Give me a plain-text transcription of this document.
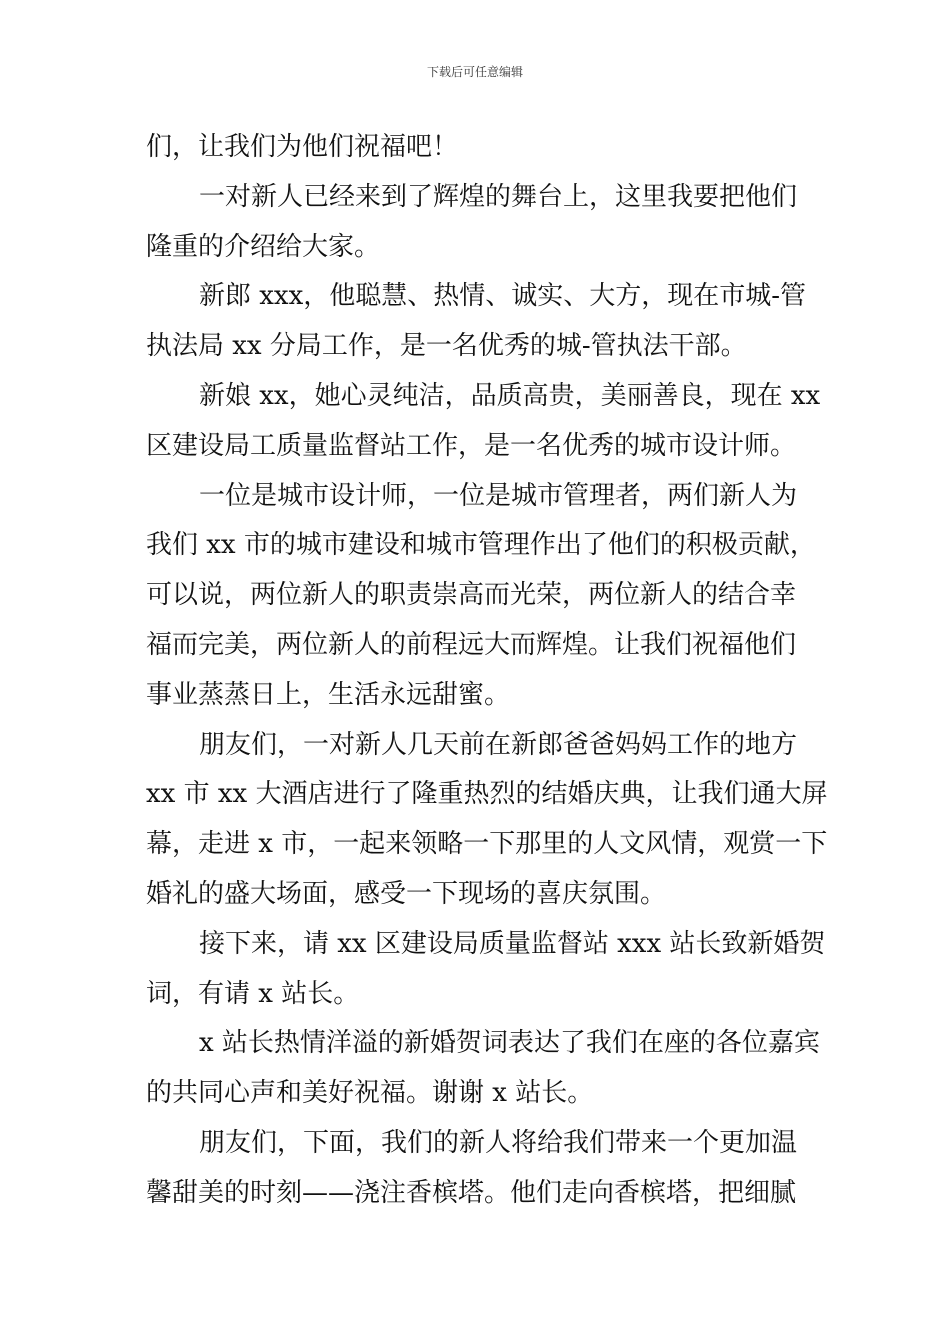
下载后可任意编辑
们，让我们为他们祝福吧！
一对新人已经来到了辉煌的舞台上，这里我要把他们
隆重的介绍给大家。
新郎 xxx，他聪慧、热情、诚实、大方，现在市城-管
执法局 xx 分局工作，是一名优秀的城-管执法干部。
新娘 xx，她心灵纯洁，品质高贵，美丽善良，现在 xx
区建设局工质量监督站工作，是一名优秀的城市设计师。
一位是城市设计师，一位是城市管理者，两们新人为
我们 xx 市的城市建设和城市管理作出了他们的积极贡献，
可以说，两位新人的职责崇高而光荣，两位新人的结合幸
福而完美，两位新人的前程远大而辉煌。让我们祝福他们
事业蒸蒸日上，生活永远甜蜜。
朋友们，一对新人几天前在新郎爸爸妈妈工作的地方
xx 市 xx 大酒店进行了隆重热烈的结婚庆典，让我们通大屏
幕，走进 x 市，一起来领略一下那里的人文风情，观赏一下
婚礼的盛大场面，感受一下现场的喜庆氛围。
接下来，请 xx 区建设局质量监督站 xxx 站长致新婚贺
词，有请 x 站长。
x 站长热情洋溢的新婚贺词表达了我们在座的各位嘉宾
的共同心声和美好祝福。谢谢 x 站长。
朋友们，下面，我们的新人将给我们带来一个更加温
馨甜美的时刻——浇注香槟塔。他们走向香槟塔，把细腻
